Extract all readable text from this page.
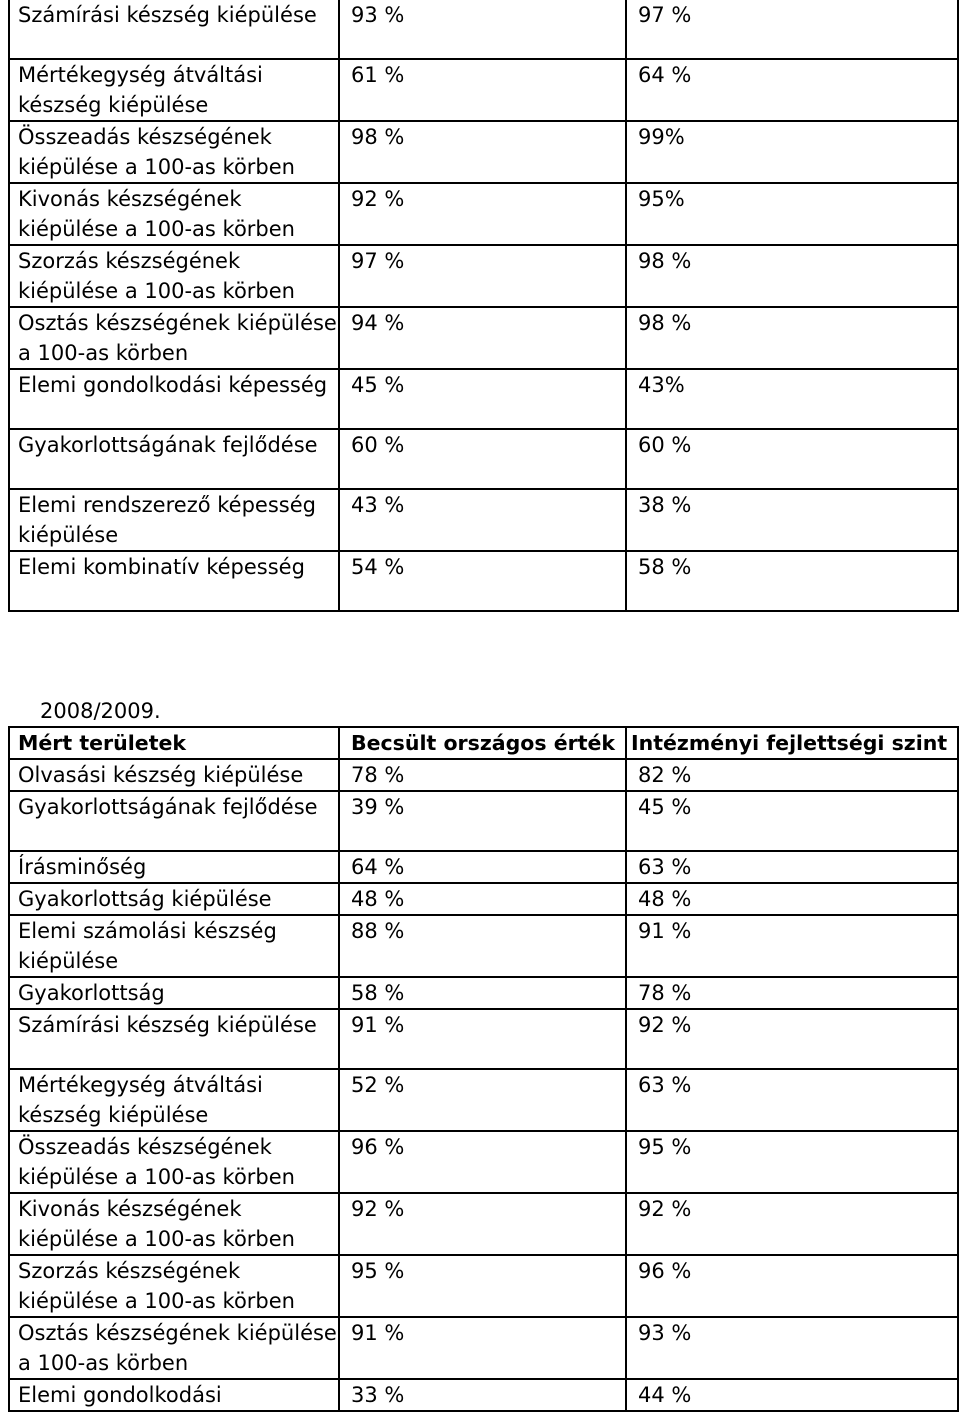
Számírási készség kiépülése	93 %	97 %
Mértékegység átváltási készség kiépülése	61 %	64 %
Összeadás készségének kiépülése a 100-as körben	98 %	99%
Kivonás készségének kiépülése a 100-as körben	92 %	95%
Szorzás készségének kiépülése a 100-as körben	97 %	98 %
Osztás készségének kiépülése a 100-as körben	94 %	98 %
Elemi gondolkodási képesség	45 %	43%
Gyakorlottságának fejlődése	60 %	60 %
Elemi rendszerező képesség kiépülése	43 %	38 %
Elemi kombinatív képesség	54 %	58 %
2008/2009.
Mért területek	Becsült országos érték	Intézményi fejlettségi szint
Olvasási készség kiépülése	78 %	82 %
Gyakorlottságának fejlődése	39 %	45 %
Írásminőség	64 %	63 %
Gyakorlottság kiépülése	48 %	48 %
Elemi számolási készség kiépülése	88 %	91 %
Gyakorlottság	58 %	78 %
Számírási készség kiépülése	91 %	92 %
Mértékegység átváltási készség kiépülése	52 %	63 %
Összeadás készségének kiépülése a 100-as körben	96 %	95 %
Kivonás készségének kiépülése a 100-as körben	92 %	92 %
Szorzás készségének kiépülése a 100-as körben	95 %	96 %
Osztás készségének kiépülése a 100-as körben	91 %	93 %
Elemi gondolkodási	33 %	44 %
